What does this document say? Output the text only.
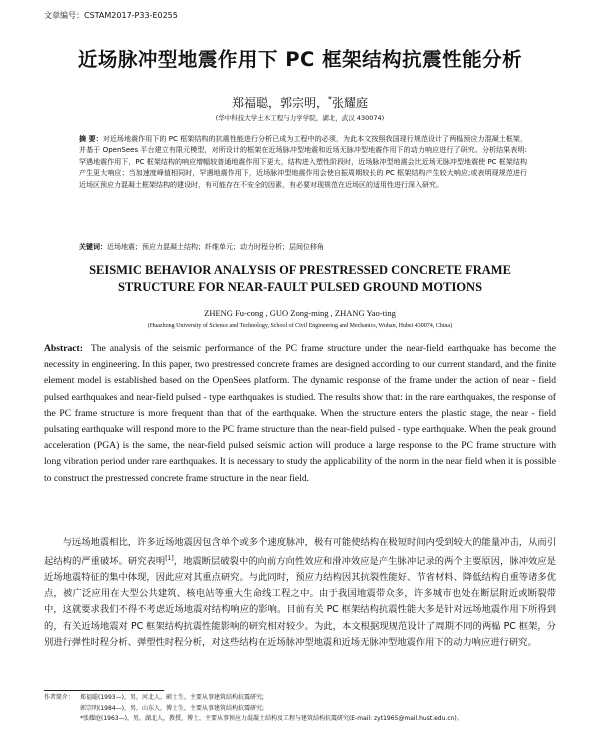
文章编号：CSTAM2017-P33-E0255
近场脉冲型地震作用下 PC 框架结构抗震性能分析
郑福聪，郭宗明，*张耀庭
(华中科技大学土木工程与力学学院，湖北，武汉 430074)
摘 要：对近场地震作用下的 PC 框架结构的抗震性能进行分析已成为工程中的必须，为此本文按照我国现行规范设计了两榀预应力混凝土框架，并基于 OpenSees 平台建立有限元模型，对所设计的框架在近场脉冲型地震和近场无脉冲型地震作用下的动力响应进行了研究。分析结果表明:罕遇地震作用下，PC 框架结构的响应增幅较普通地震作用下更大，结构进入塑性阶段时，近场脉冲型地震会比近场无脉冲型地震使 PC 框架结构产生更大响应；当加速度峰值相同时，罕遇地震作用下，近场脉冲型地震作用会使自振周期较长的 PC 框架结构产生较大响应;或表明现规范进行近场区预应力混凝土框架结构的建设时，有可能存在不安全的因素，有必要对现规范在近场区的适用性进行深入研究。
关键词：近场地震；预应力混凝土结构；纤维单元；动力时程分析；层间位移角
SEISMIC BEHAVIOR ANALYSIS OF PRESTRESSED CONCRETE FRAME
STRUCTURE FOR NEAR-FAULT PULSED GROUND MOTIONS
ZHENG Fu-cong , GUO Zong-ming , ZHANG Yao-ting
(Huazhong University of Science and Technology, School of Civil Engineering and Mechanics, Wuhan, Hubei 430074, China)
Abstract: The analysis of the seismic performance of the PC frame structure under the near-field earthquake has become the necessity in engineering. In this paper, two prestressed concrete frames are designed according to our current standard, and the finite element model is established based on the OpenSees platform. The dynamic response of the frame under the action of near - field pulsed earthquakes and near-field pulsed - type earthquakes is studied. The results show that: in the rare earthquakes, the response of the PC frame structure is more frequent than that of the earthquake. When the structure enters the plastic stage, the near - field pulsating earthquake will respond more to the PC frame structure than the near-field pulsed - type earthquake. When the peak ground acceleration (PGA) is the same, the near-field pulsed seismic action will produce a large response to the PC frame structure with long vibration period under rare earthquakes. It is necessary to study the applicability of the norm in the near field when it is possible to construct the prestressed concrete frame structure in the near field.
与远场地震相比，许多近场地震因包含单个或多个速度脉冲，极有可能使结构在极短时间内受到较大的能量冲击，从而引起结构的严重破坏。研究表明[1]，地震断层破裂中的向前方向性效应和滑冲效应是产生脉冲记录的两个主要原因，脉冲效应是近场地震特征的集中体现，因此应对其重点研究。与此同时，预应力结构因其抗裂性能好、节省材料、降低结构自重等诸多优点，被广泛应用在大型公共建筑、核电站等重大生命线工程之中。由于我国地震带众多，许多城市也处在断层附近或断裂带中，这就要求我们不得不考虑近场地震对结构响应的影响。目前有关 PC 框架结构抗震性能大多是针对远场地震作用下所得到的，有关近场地震对 PC 框架结构抗震性能影响的研究相对较少。为此，本文根据现规范设计了周期不同的两榀 PC 框架，分别进行弹性时程分析、弹塑性时程分析，对这些结构在近场脉冲型地震和近场无脉冲型地震作用下的动力响应进行研究。
作者简介： 郑福聪(1993—)，男，河北人，硕士生，主要从事建筑结构抗震研究;
郭宗明(1984—)，男，山东人，博士生，主要从事建筑结构抗震研究;
*张耀庭(1963—)，男，湖北人，教授，博士，主要从事预应力混凝土结构及工程与建筑结构抗震研究(E-mail: zyt1965@mail.hust.edu.cn)。
